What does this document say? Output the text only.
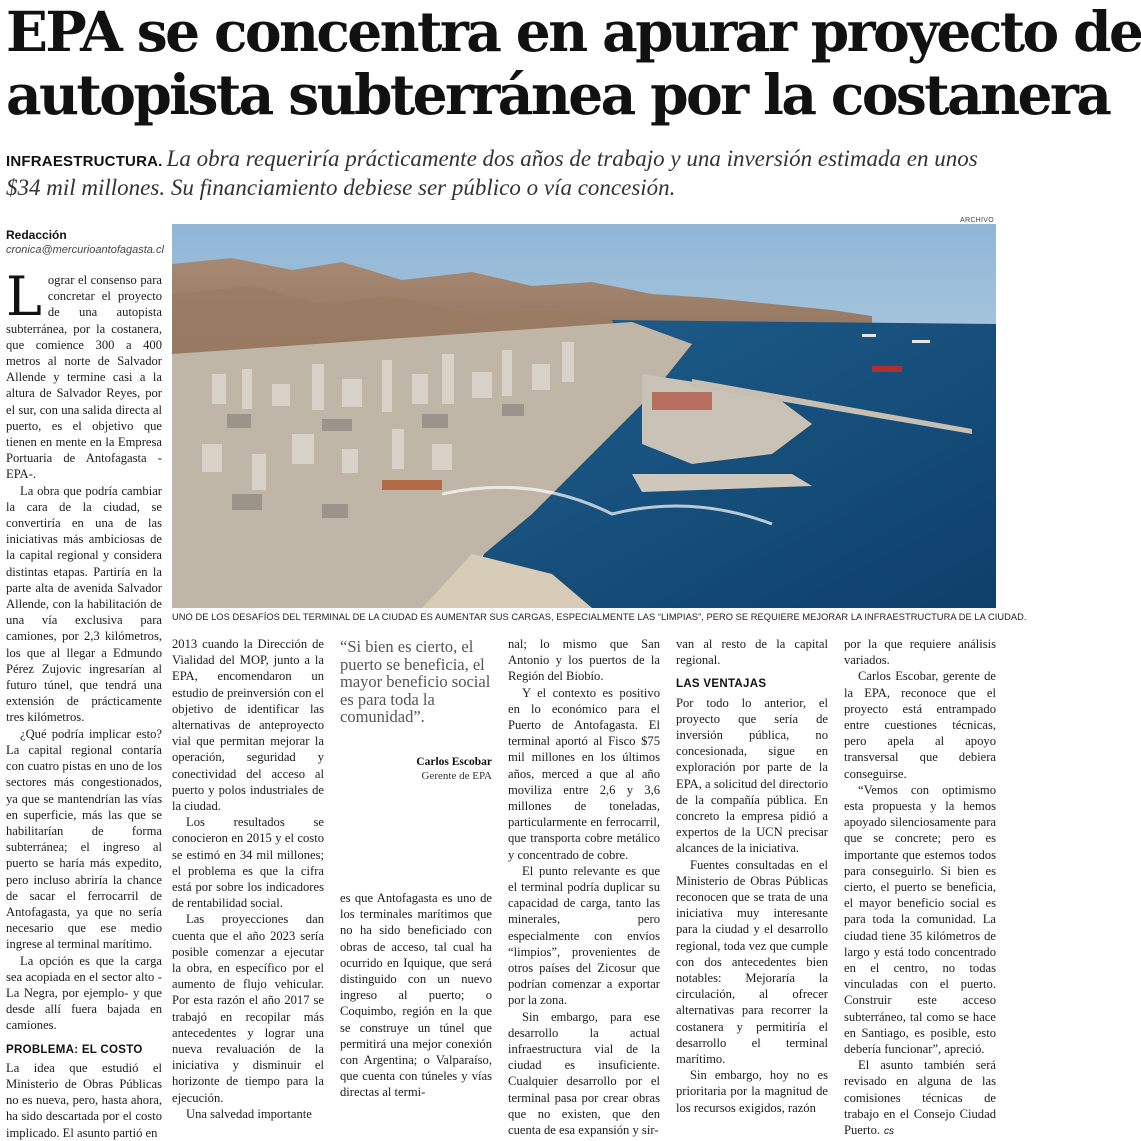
EPA se concentra en apurar proyecto de
autopista subterránea por la costanera

INFRAESTRUCTURA. La obra requeriría prácticamente dos años de trabajo y una inversión estimada en unos $34 mil millones. Su financiamiento debiese ser público o vía concesión.

Redacción
cronica@mercurioantofagasta.cl
ARCHIVO
UNO DE LOS DESAFÍOS DEL TERMINAL DE LA CIUDAD ES AUMENTAR SUS CARGAS, ESPECIALMENTE LAS “LIMPIAS”, PERO SE REQUIERE MEJORAR LA INFRAESTRUCTURA DE LA CIUDAD.

Lograr el consenso para concretar el proyecto de una autopista subterránea, por la costanera, que comience 300 a 400 metros al norte de Salvador Allende y termine casi a la altura de Salvador Reyes, por el sur, con una salida directa al puerto, es el objetivo que tienen en mente en la Empresa Portuaria de Antofagasta -EPA-.

La obra que podría cambiar la cara de la ciudad, se convertiría en una de las iniciativas más ambiciosas de la capital regional y considera distintas etapas. Partiría en la parte alta de avenida Salvador Allende, con la habilitación de una vía exclusiva para camiones, por 2,3 kilómetros, los que al llegar a Edmundo Pérez Zujovic ingresarían al futuro túnel, que tendrá una extensión de prácticamente tres kilómetros.

¿Qué podría implicar esto? La capital regional contaría con cuatro pistas en uno de los sectores más congestionados, ya que se mantendrían las vías en superficie, más las que se habilitarían de forma subterránea; el ingreso al puerto se haría más expedito, pero incluso abriría la chance de sacar el ferrocarril de Antofagasta, ya que no sería necesario que ese medio ingrese al terminal marítimo.

La opción es que la carga sea acopiada en el sector alto -La Negra, por ejemplo- y que desde allí fuera bajada en camiones.

PROBLEMA: EL COSTO

La idea que estudió el Ministerio de Obras Públicas no es nueva, pero, hasta ahora, ha sido descartada por el costo implicado. El asunto partió en

2013 cuando la Dirección de Vialidad del MOP, junto a la EPA, encomendaron un estudio de preinversión con el objetivo de identificar las alternativas de anteproyecto vial que permitan mejorar la operación, seguridad y conectividad del acceso al puerto y polos industriales de la ciudad.

Los resultados se conocieron en 2015 y el costo se estimó en 34 mil millones; el problema es que la cifra está por sobre los indicadores de rentabilidad social.

Las proyecciones dan cuenta que el año 2023 sería posible comenzar a ejecutar la obra, en específico por el aumento de flujo vehicular. Por esta razón el año 2017 se trabajó en recopilar más antecedentes y lograr una nueva revaluación de la iniciativa y disminuir el horizonte de tiempo para la ejecución.

Una salvedad importante

“Si bien es cierto, el puerto se beneficia, el mayor beneficio social es para toda la comunidad”.
Carlos Escobar
Gerente de EPA

es que Antofagasta es uno de los terminales marítimos que no ha sido beneficiado con obras de acceso, tal cual ha ocurrido en Iquique, que será distinguido con un nuevo ingreso al puerto; o Coquimbo, región en la que se construye un túnel que permitirá una mejor conexión con Argentina; o Valparaíso, que cuenta con túneles y vías directas al termi-

nal; lo mismo que San Antonio y los puertos de la Región del Biobío.

Y el contexto es positivo en lo económico para el Puerto de Antofagasta. El terminal aportó al Fisco $75 mil millones en los últimos años, merced a que al año moviliza entre 2,6 y 3,6 millones de toneladas, particularmente en ferrocarril, que transporta cobre metálico y concentrado de cobre.

El punto relevante es que el terminal podría duplicar su capacidad de carga, tanto las minerales, pero especialmente con envíos “limpios”, provenientes de otros países del Zicosur que podrían comenzar a exportar por la zona.

Sin embargo, para ese desarrollo la actual infraestructura vial de la ciudad es insuficiente. Cualquier desarrollo por el terminal pasa por crear obras que no existen, que den cuenta de esa expansión y sir-

van al resto de la capital regional.

LAS VENTAJAS

Por todo lo anterior, el proyecto que sería de inversión pública, no concesionada, sigue en exploración por parte de la EPA, a solicitud del directorio de la compañía pública. En concreto la empresa pidió a expertos de la UCN precisar alcances de la iniciativa.

Fuentes consultadas en el Ministerio de Obras Públicas reconocen que se trata de una iniciativa muy interesante para la ciudad y el desarrollo regional, toda vez que cumple con dos antecedentes bien notables: Mejoraría la circulación, al ofrecer alternativas para recorrer la costanera y permitiría el desarrollo el terminal marítimo.

Sin embargo, hoy no es prioritaria por la magnitud de los recursos exigidos, razón

por la que requiere análisis variados.

Carlos Escobar, gerente de la EPA, reconoce que el proyecto está entrampado entre cuestiones técnicas, pero apela al apoyo transversal que debiera conseguirse.

“Vemos con optimismo esta propuesta y la hemos apoyado silenciosamente para que se concrete; pero es importante que estemos todos para conseguirlo. Si bien es cierto, el puerto se beneficia, el mayor beneficio social es para toda la comunidad. La ciudad tiene 35 kilómetros de largo y está todo concentrado en el centro, no todas vinculadas con el puerto. Construir este acceso subterráneo, tal como se hace en Santiago, es posible, esto debería funcionar”, apreció.

El asunto también será revisado en alguna de las comisiones técnicas de trabajo en el Consejo Ciudad Puerto. cs
